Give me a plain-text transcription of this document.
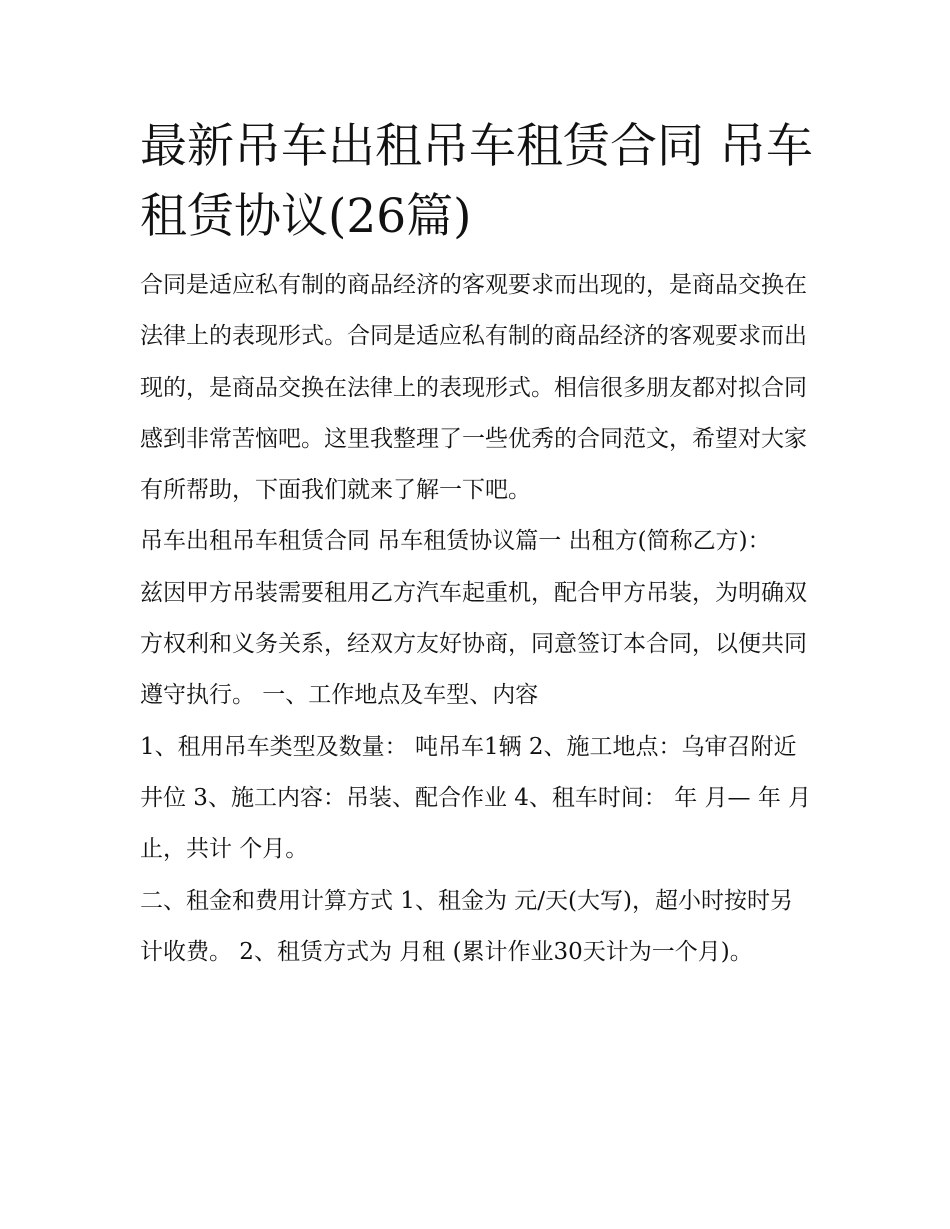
最新吊车出租吊车租赁合同 吊车租赁协议(26篇)

合同是适应私有制的商品经济的客观要求而出现的，是商品交换在法律上的表现形式。合同是适应私有制的商品经济的客观要求而出现的，是商品交换在法律上的表现形式。相信很多朋友都对拟合同感到非常苦恼吧。这里我整理了一些优秀的合同范文，希望对大家有所帮助，下面我们就来了解一下吧。

吊车出租吊车租赁合同 吊车租赁协议篇一 出租方(简称乙方)：

兹因甲方吊装需要租用乙方汽车起重机，配合甲方吊装，为明确双方权利和义务关系，经双方友好协商，同意签订本合同，以便共同遵守执行。 一、工作地点及车型、内容

1、租用吊车类型及数量： 吨吊车1辆 2、施工地点：乌审召附近井位 3、施工内容：吊装、配合作业 4、租车时间： 年 月— 年 月止，共计 个月。

二、租金和费用计算方式 1、租金为 元/天(大写)，超小时按时另计收费。 2、租赁方式为 月租 (累计作业30天计为一个月)。
